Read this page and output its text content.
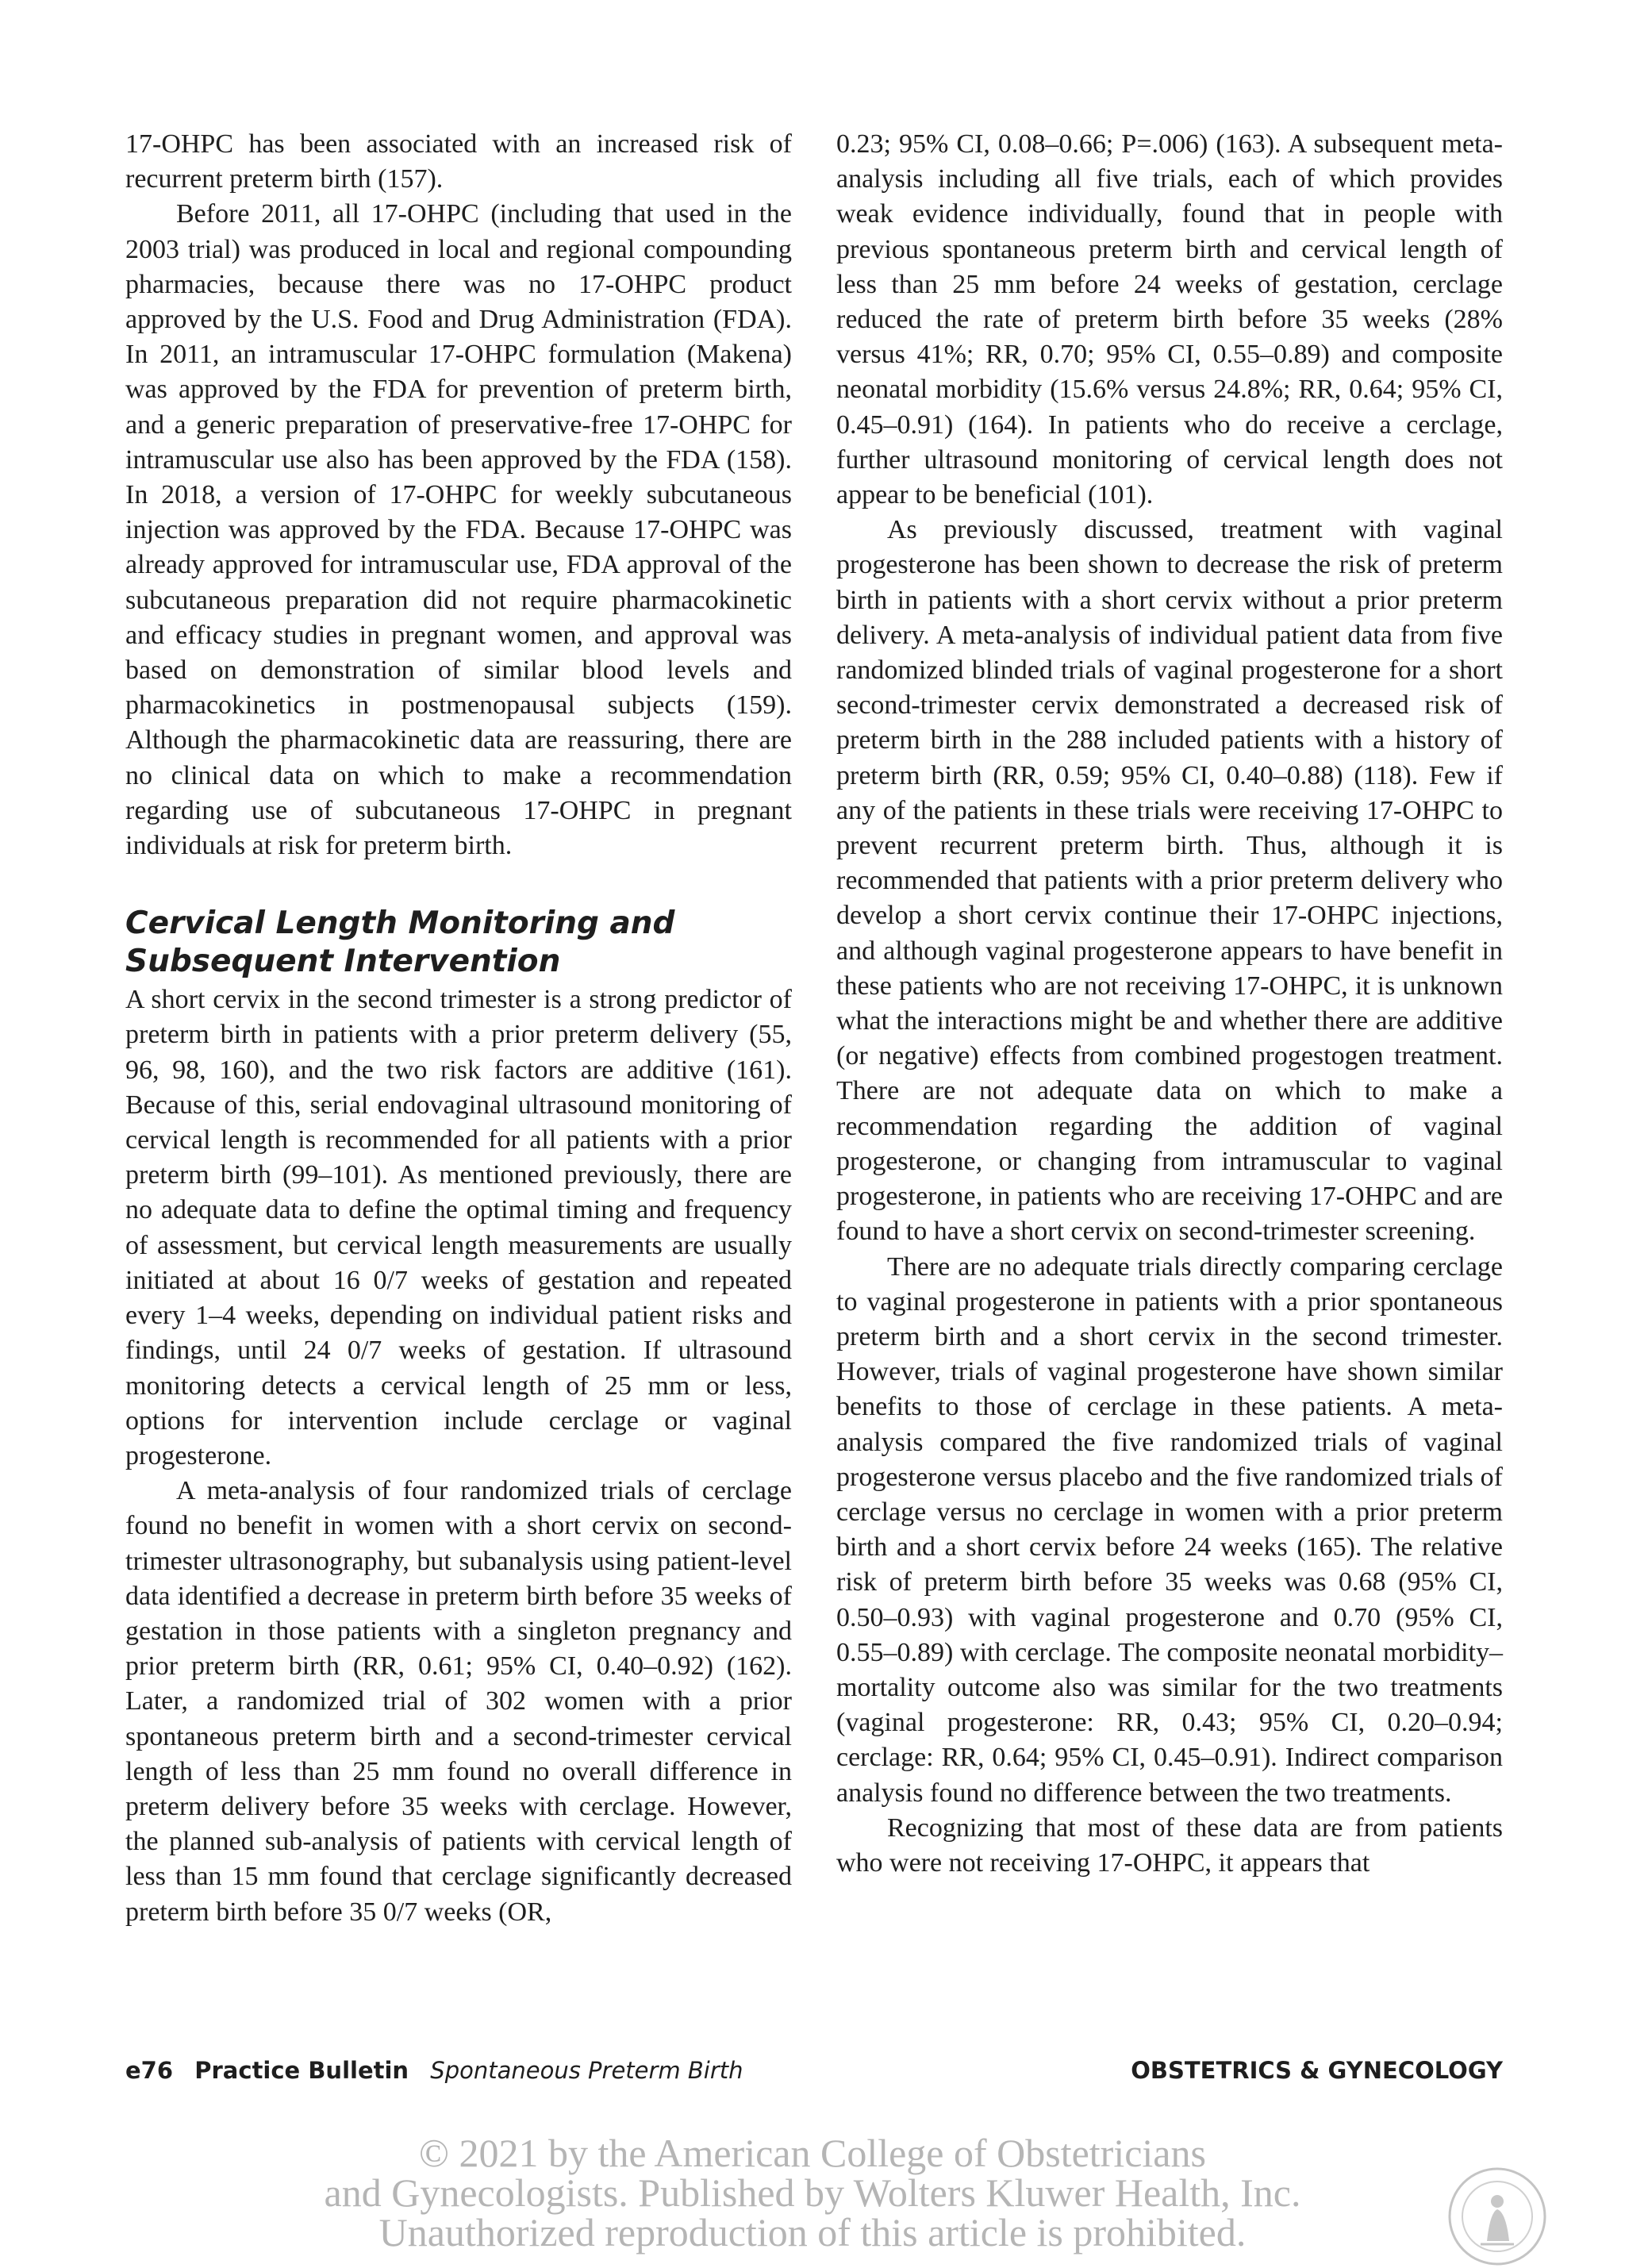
17-OHPC has been associated with an increased risk of recurrent preterm birth (157).

Before 2011, all 17-OHPC (including that used in the 2003 trial) was produced in local and regional compounding pharmacies, because there was no 17-OHPC product approved by the U.S. Food and Drug Administration (FDA). In 2011, an intramuscular 17-OHPC formulation (Makena) was approved by the FDA for prevention of preterm birth, and a generic preparation of preservative-free 17-OHPC for intramuscular use also has been approved by the FDA (158). In 2018, a version of 17-OHPC for weekly subcutaneous injection was approved by the FDA. Because 17-OHPC was already approved for intramuscular use, FDA approval of the subcutaneous preparation did not require pharmacokinetic and efficacy studies in pregnant women, and approval was based on demonstration of similar blood levels and pharmacokinetics in postmenopausal subjects (159). Although the pharmacokinetic data are reassuring, there are no clinical data on which to make a recommendation regarding use of subcutaneous 17-OHPC in pregnant individuals at risk for preterm birth.

Cervical Length Monitoring and Subsequent Intervention

A short cervix in the second trimester is a strong predictor of preterm birth in patients with a prior preterm delivery (55, 96, 98, 160), and the two risk factors are additive (161). Because of this, serial endovaginal ultrasound monitoring of cervical length is recommended for all patients with a prior preterm birth (99–101). As mentioned previously, there are no adequate data to define the optimal timing and frequency of assessment, but cervical length measurements are usually initiated at about 16 0/7 weeks of gestation and repeated every 1–4 weeks, depending on individual patient risks and findings, until 24 0/7 weeks of gestation. If ultrasound monitoring detects a cervical length of 25 mm or less, options for intervention include cerclage or vaginal progesterone.

A meta-analysis of four randomized trials of cerclage found no benefit in women with a short cervix on second-trimester ultrasonography, but subanalysis using patient-level data identified a decrease in preterm birth before 35 weeks of gestation in those patients with a singleton pregnancy and prior preterm birth (RR, 0.61; 95% CI, 0.40–0.92) (162). Later, a randomized trial of 302 women with a prior spontaneous preterm birth and a second-trimester cervical length of less than 25 mm found no overall difference in preterm delivery before 35 weeks with cerclage. However, the planned sub-analysis of patients with cervical length of less than 15 mm found that cerclage significantly decreased preterm birth before 35 0/7 weeks (OR,

0.23; 95% CI, 0.08–0.66; P=.006) (163). A subsequent meta-analysis including all five trials, each of which provides weak evidence individually, found that in people with previous spontaneous preterm birth and cervical length of less than 25 mm before 24 weeks of gestation, cerclage reduced the rate of preterm birth before 35 weeks (28% versus 41%; RR, 0.70; 95% CI, 0.55–0.89) and composite neonatal morbidity (15.6% versus 24.8%; RR, 0.64; 95% CI, 0.45–0.91) (164). In patients who do receive a cerclage, further ultrasound monitoring of cervical length does not appear to be beneficial (101).

As previously discussed, treatment with vaginal progesterone has been shown to decrease the risk of preterm birth in patients with a short cervix without a prior preterm delivery. A meta-analysis of individual patient data from five randomized blinded trials of vaginal progesterone for a short second-trimester cervix demonstrated a decreased risk of preterm birth in the 288 included patients with a history of preterm birth (RR, 0.59; 95% CI, 0.40–0.88) (118). Few if any of the patients in these trials were receiving 17-OHPC to prevent recurrent preterm birth. Thus, although it is recommended that patients with a prior preterm delivery who develop a short cervix continue their 17-OHPC injections, and although vaginal progesterone appears to have benefit in these patients who are not receiving 17-OHPC, it is unknown what the interactions might be and whether there are additive (or negative) effects from combined progestogen treatment. There are not adequate data on which to make a recommendation regarding the addition of vaginal progesterone, or changing from intramuscular to vaginal progesterone, in patients who are receiving 17-OHPC and are found to have a short cervix on second-trimester screening.

There are no adequate trials directly comparing cerclage to vaginal progesterone in patients with a prior spontaneous preterm birth and a short cervix in the second trimester. However, trials of vaginal progesterone have shown similar benefits to those of cerclage in these patients. A meta-analysis compared the five randomized trials of vaginal progesterone versus placebo and the five randomized trials of cerclage versus no cerclage in women with a prior preterm birth and a short cervix before 24 weeks (165). The relative risk of preterm birth before 35 weeks was 0.68 (95% CI, 0.50–0.93) with vaginal progesterone and 0.70 (95% CI, 0.55–0.89) with cerclage. The composite neonatal morbidity–mortality outcome also was similar for the two treatments (vaginal progesterone: RR, 0.43; 95% CI, 0.20–0.94; cerclage: RR, 0.64; 95% CI, 0.45–0.91). Indirect comparison analysis found no difference between the two treatments.

Recognizing that most of these data are from patients who were not receiving 17-OHPC, it appears that

e76 Practice Bulletin Spontaneous Preterm Birth	OBSTETRICS & GYNECOLOGY
© 2021 by the American College of Obstetricians
and Gynecologists. Published by Wolters Kluwer Health, Inc.
Unauthorized reproduction of this article is prohibited.
